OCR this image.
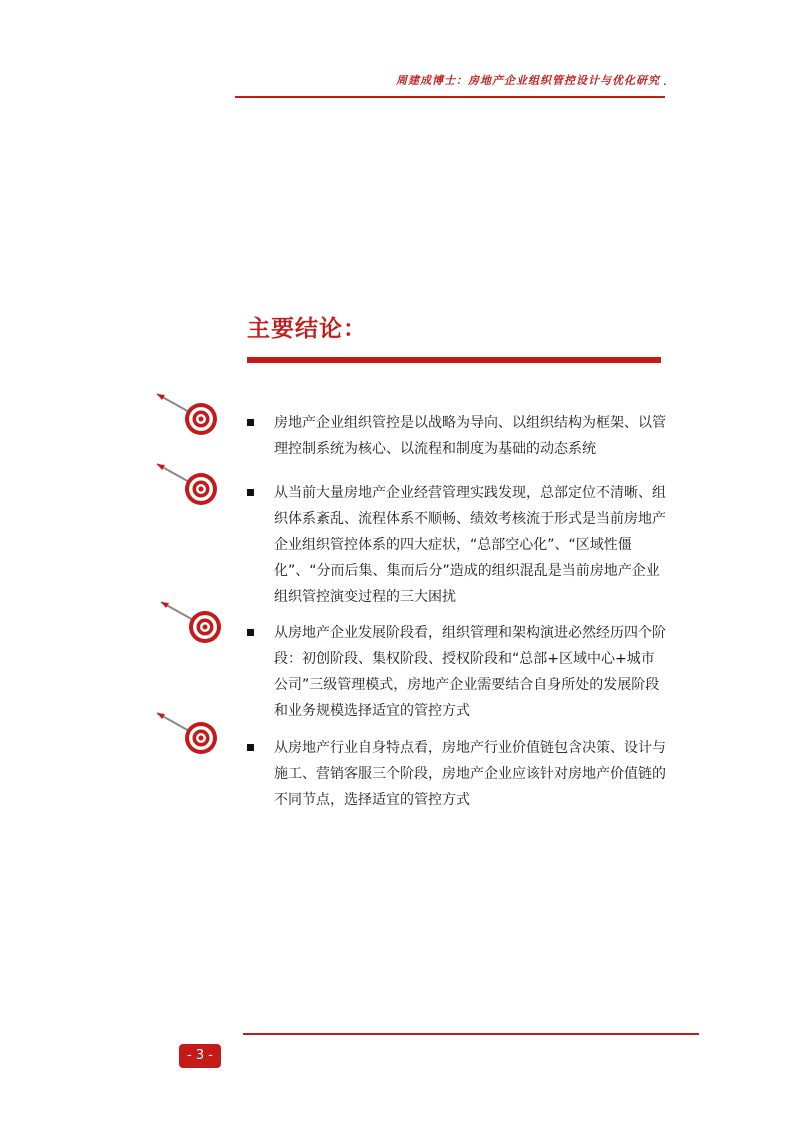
周建成博士：房地产企业组织管控设计与优化研究 .
主要结论：
房地产企业组织管控是以战略为导向、以组织结构为框架、以管理控制系统为核心、以流程和制度为基础的动态系统
从当前大量房地产企业经营管理实践发现，总部定位不清晰、组织体系紊乱、流程体系不顺畅、绩效考核流于形式是当前房地产企业组织管控体系的四大症状，“总部空心化”、“区域性僵化”、“分而后集、集而后分”造成的组织混乱是当前房地产企业组织管控演变过程的三大困扰
从房地产企业发展阶段看，组织管理和架构演进必然经历四个阶段：初创阶段、集权阶段、授权阶段和“总部+区域中心+城市公司”三级管理模式，房地产企业需要结合自身所处的发展阶段和业务规模选择适宜的管控方式
从房地产行业自身特点看，房地产行业价值链包含决策、设计与施工、营销客服三个阶段，房地产企业应该针对房地产价值链的不同节点，选择适宜的管控方式
- 3 -
